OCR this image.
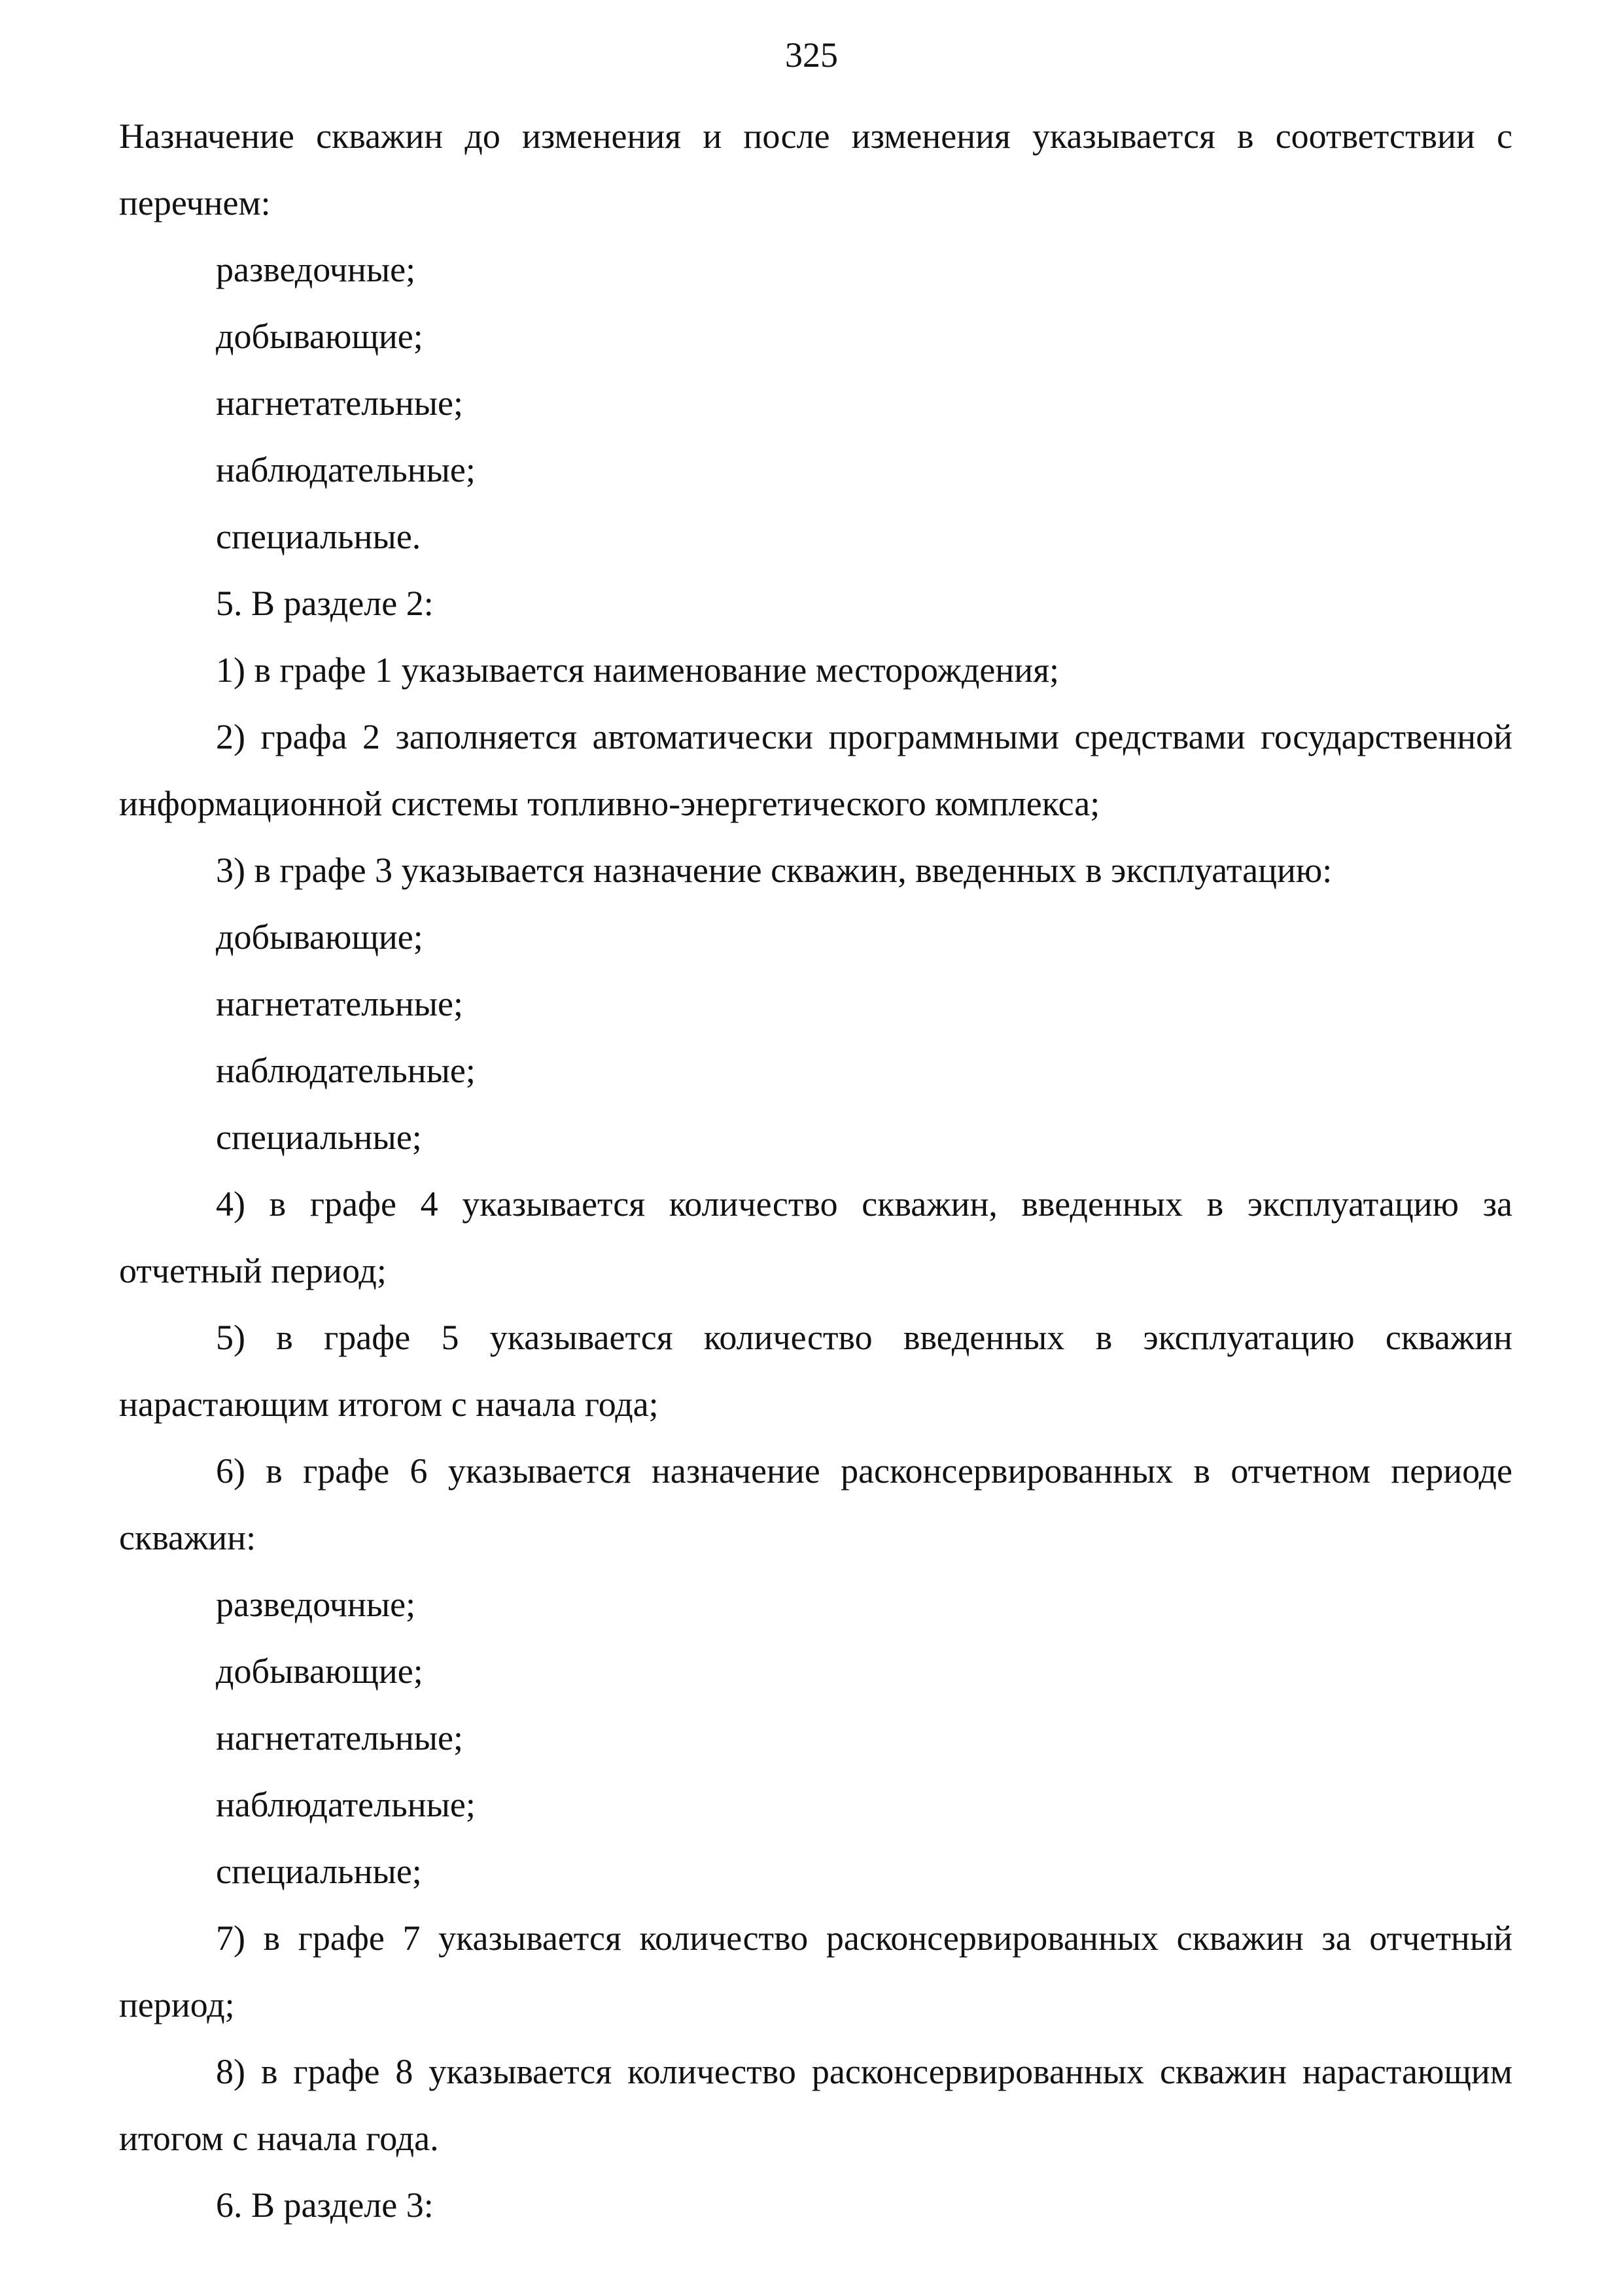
325

Назначение скважин до изменения и после изменения указывается в соответствии с перечнем:

разведочные;

добывающие;

нагнетательные;

наблюдательные;

специальные.

5. В разделе 2:

1) в графе 1 указывается наименование месторождения;

2) графа 2 заполняется автоматически программными средствами государственной информационной системы топливно-энергетического комплекса;

3) в графе 3 указывается назначение скважин, введенных в эксплуатацию:

добывающие;

нагнетательные;

наблюдательные;

специальные;

4) в графе 4 указывается количество скважин, введенных в эксплуатацию за отчетный период;

5) в графе 5 указывается количество введенных в эксплуатацию скважин нарастающим итогом с начала года;

6) в графе 6 указывается назначение расконсервированных в отчетном периоде скважин:

разведочные;

добывающие;

нагнетательные;

наблюдательные;

специальные;

7) в графе 7 указывается количество расконсервированных скважин за отчетный период;

8) в графе 8 указывается количество расконсервированных скважин нарастающим итогом с начала года.

6. В разделе 3:
